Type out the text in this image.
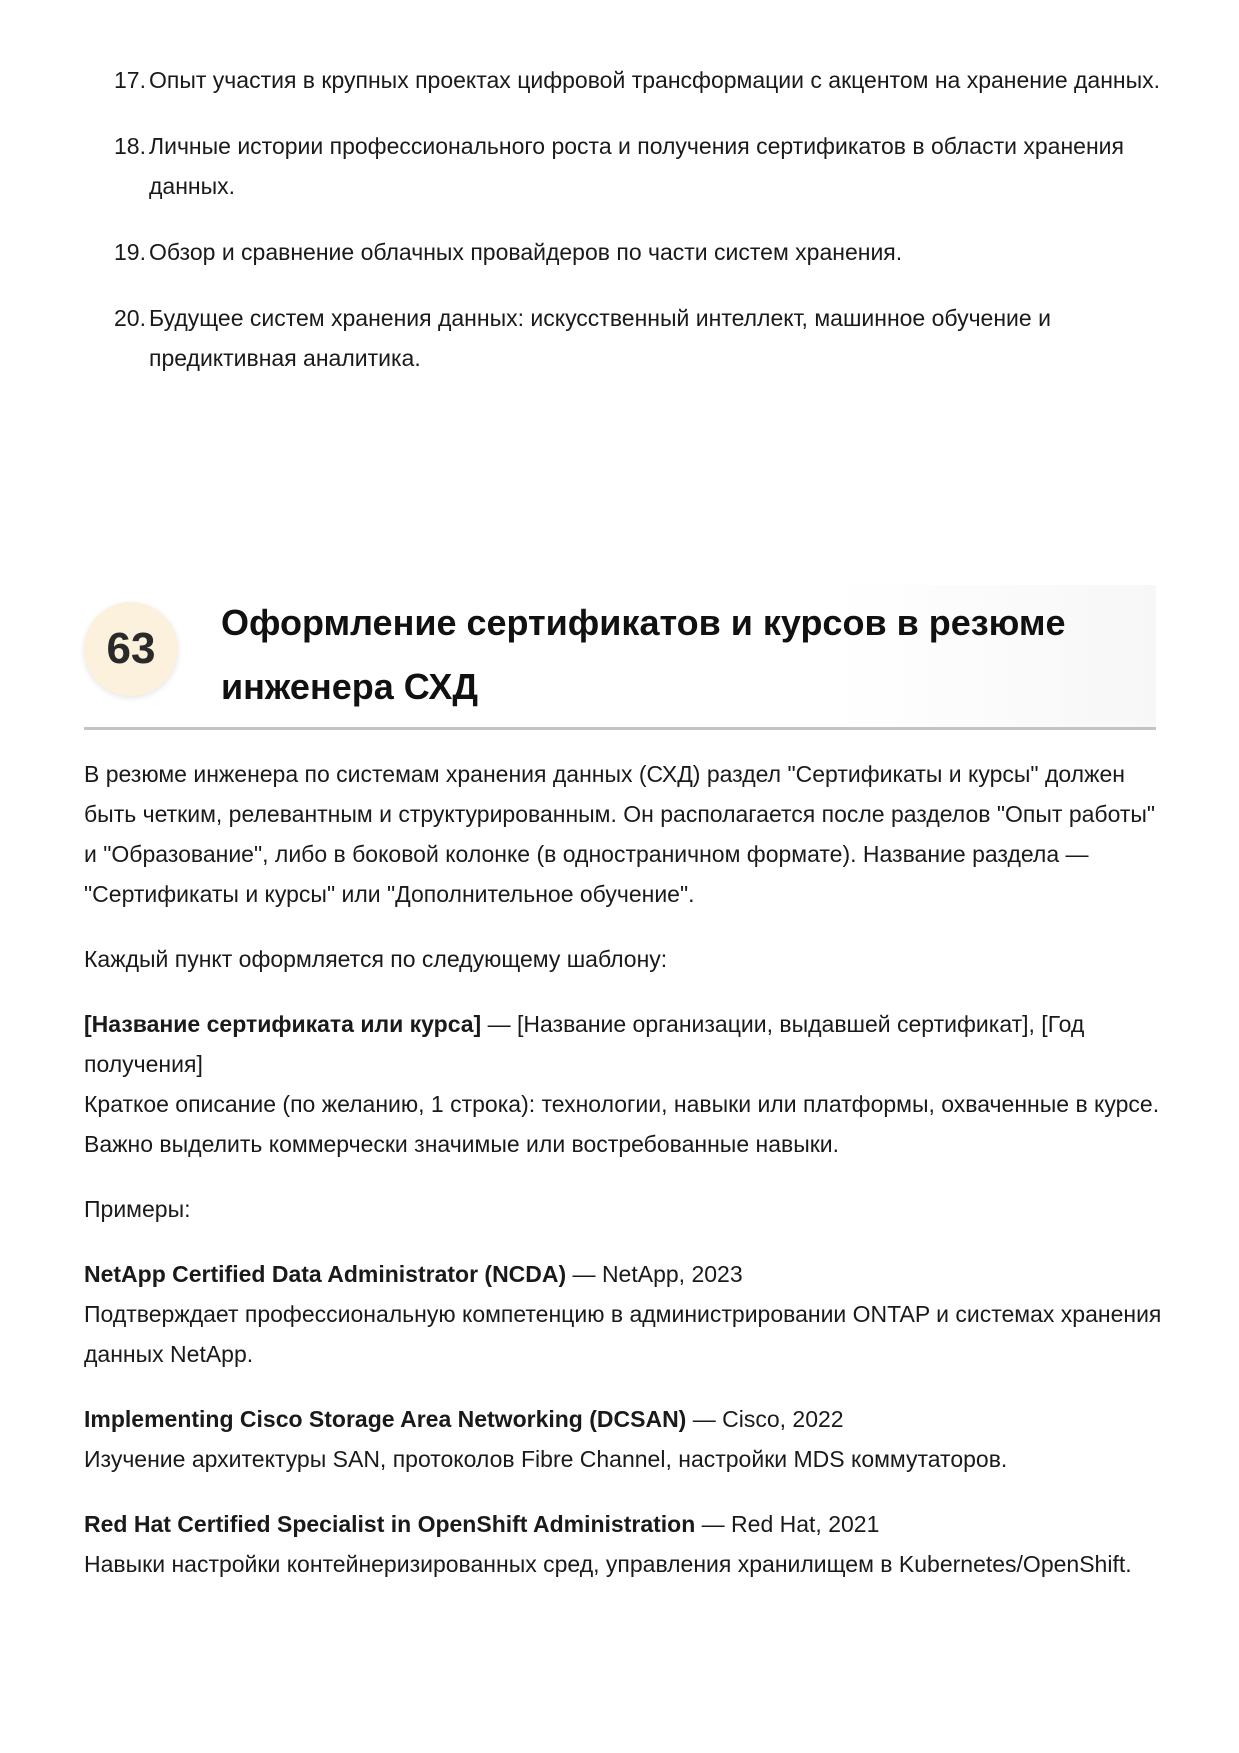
17. Опыт участия в крупных проектах цифровой трансформации с акцентом на хранение данных.
18. Личные истории профессионального роста и получения сертификатов в области хранения данных.
19. Обзор и сравнение облачных провайдеров по части систем хранения.
20. Будущее систем хранения данных: искусственный интеллект, машинное обучение и предиктивная аналитика.
63
Оформление сертификатов и курсов в резюме инженера СХД

В резюме инженера по системам хранения данных (СХД) раздел "Сертификаты и курсы" должен быть четким, релевантным и структурированным. Он располагается после разделов "Опыт работы" и "Образование", либо в боковой колонке (в одностраничном формате). Название раздела — "Сертификаты и курсы" или "Дополнительное обучение".

Каждый пункт оформляется по следующему шаблону:

[Название сертификата или курса] — [Название организации, выдавшей сертификат], [Год получения]
Краткое описание (по желанию, 1 строка): технологии, навыки или платформы, охваченные в курсе. Важно выделить коммерчески значимые или востребованные навыки.

Примеры:

NetApp Certified Data Administrator (NCDA) — NetApp, 2023
Подтверждает профессиональную компетенцию в администрировании ONTAP и системах хранения данных NetApp.

Implementing Cisco Storage Area Networking (DCSAN) — Cisco, 2022
Изучение архитектуры SAN, протоколов Fibre Channel, настройки MDS коммутаторов.

Red Hat Certified Specialist in OpenShift Administration — Red Hat, 2021
Навыки настройки контейнеризированных сред, управления хранилищем в Kubernetes/OpenShift.
